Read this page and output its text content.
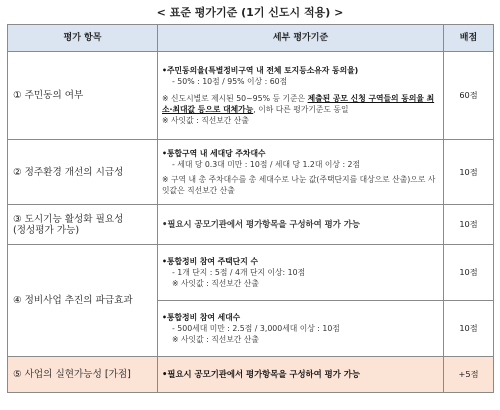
< 표준 평가기준 (1기 신도시 적용) >
평가 항목	세부 평가기준	배점
① 주민동의 여부	•주민동의율(특별정비구역 내 전체 토지등소유자 동의율)
- 50% : 10점 / 95% 이상 : 60점
※ 신도시별로 제시된 50~95% 등 기준은 제출된 공모 신청 구역들의 동의율 최소·최대값 등으로 대체가능, 이하 다른 평가기준도 동일
※ 사잇값 : 직선보간 산출	60점
② 정주환경 개선의 시급성	•통합구역 내 세대당 주차대수
- 세대 당 0.3대 미만 : 10점 / 세대 당 1.2대 이상 : 2점
※ 구역 내 총 주차대수를 총 세대수로 나눈 값(주택단지를 대상으로 산출)으로 사잇값은 직선보간 산출	10점

③ 도시기능 활성화 필요성
(정성평가 가능)	•필요시 공모기관에서 평가항목을 구성하여 평가 가능	10점
④ 정비사업 추진의 파급효과	•통합정비 참여 주택단지 수
- 1개 단지 : 5점 / 4개 단지 이상: 10점
※ 사잇값 : 직선보간 산출	10점

	•통합정비 참여 세대수
- 500세대 미만 : 2.5점 / 3,000세대 이상 : 10점
※ 사잇값 : 직선보간 산출	10점
⑤ 사업의 실현가능성 [가점]	•필요시 공모기관에서 평가항목을 구성하여 평가 가능	+5점
